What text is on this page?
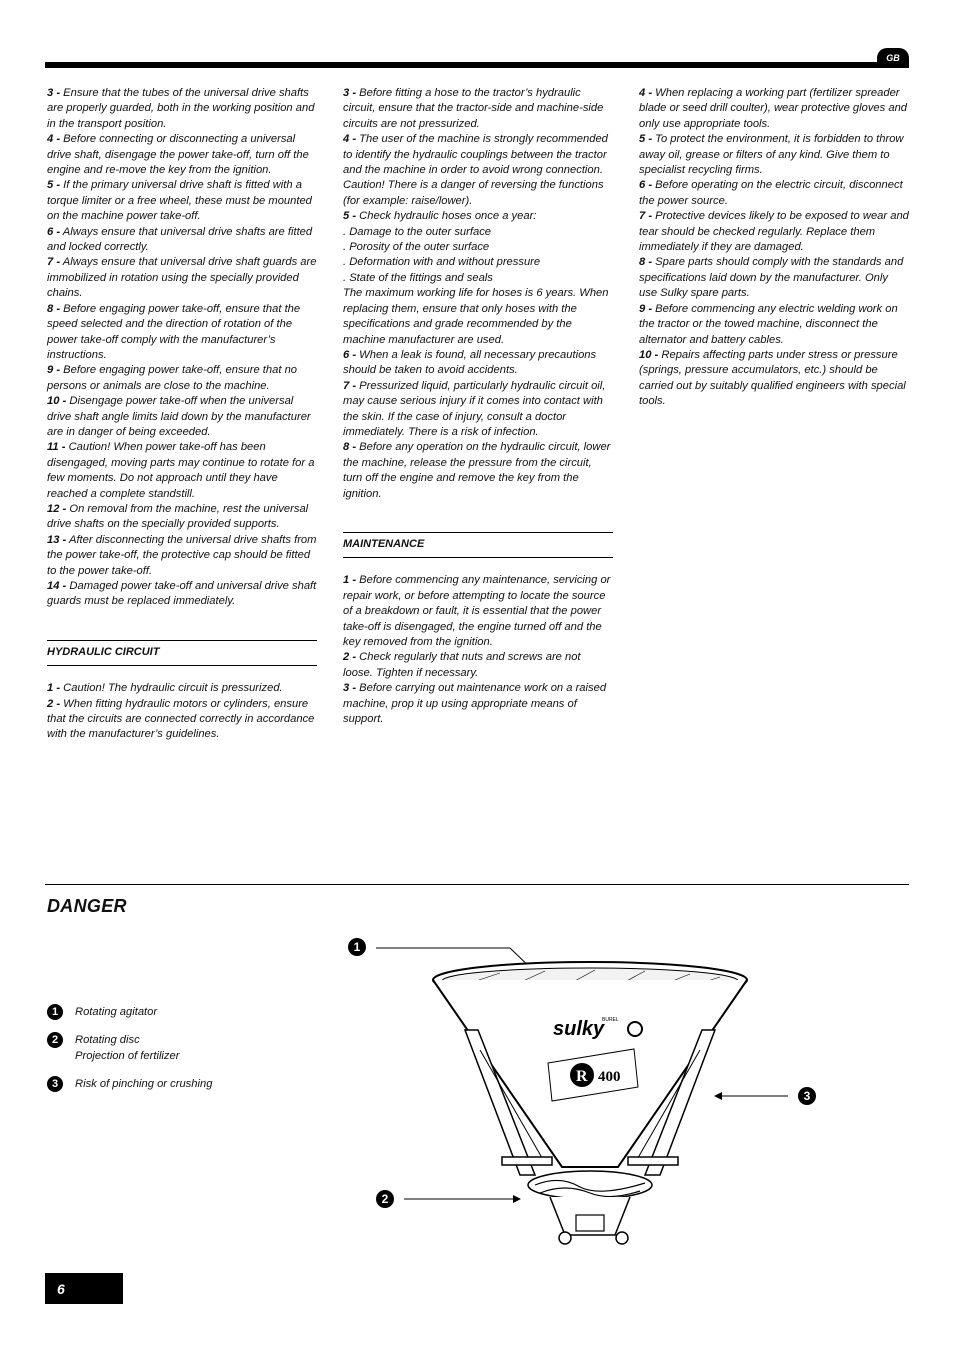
GB

3 - Ensure that the tubes of the universal drive shafts are properly guarded, both in the working position and in the transport position.

4 - Before connecting or disconnecting a universal drive shaft, disengage the power take-off, turn off the engine and re-move the key from the ignition.

5 - If the primary universal drive shaft is fitted with a torque limiter or a free wheel, these must be mounted on the machine power take-off.

6 - Always ensure that universal drive shafts are fitted and locked correctly.

7 - Always ensure that universal drive shaft guards are immobilized in rotation using the specially provided chains.

8 - Before engaging power take-off, ensure that the speed selected and the direction of rotation of the power take-off comply with the manufacturer’s instructions.

9 - Before engaging power take-off, ensure that no persons or animals are close to the machine.

10 - Disengage power take-off when the universal drive shaft angle limits laid down by the manufacturer are in danger of being exceeded.

11 - Caution! When power take-off has been disengaged, moving parts may continue to rotate for a few moments. Do not approach until they have reached a complete standstill.

12 - On removal from the machine, rest the universal drive shafts on the specially provided supports.

13 - After disconnecting the universal drive shafts from the power take-off, the protective cap should be fitted to the power take-off.

14 - Damaged power take-off and universal drive shaft guards must be replaced immediately.

HYDRAULIC CIRCUIT

1 - Caution! The hydraulic circuit is pressurized.

2 - When fitting hydraulic motors or cylinders, ensure that the circuits are connected correctly in accordance with the manufacturer’s guidelines.

3 - Before fitting a hose to the tractor’s hydraulic circuit, ensure that the tractor-side and machine-side circuits are not pressurized.

4 - The user of the machine is strongly recommended to identify the hydraulic couplings between the tractor and the machine in order to avoid wrong connection. Caution! There is a danger of reversing the functions (for example: raise/lower).

5 - Check hydraulic hoses once a year:

. Damage to the outer surface

. Porosity of the outer surface

. Deformation with and without pressure

. State of the fittings and seals

The maximum working life for hoses is 6 years. When replacing them, ensure that only hoses with the specifications and grade recommended by the machine manufacturer are used.

6 - When a leak is found, all necessary precautions should be taken to avoid accidents.

7 - Pressurized liquid, particularly hydraulic circuit oil, may cause serious injury if it comes into contact with the skin. If the case of injury, consult a doctor immediately. There is a risk of infection.

8 - Before any operation on the hydraulic circuit, lower the machine, release the pressure from the circuit, turn off the engine and remove the key from the ignition.

MAINTENANCE

1 - Before commencing any maintenance, servicing or repair work, or before attempting to locate the source of a breakdown or fault, it is essential that the power take-off is disengaged, the engine turned off and the key removed from the ignition.

2 - Check regularly that nuts and screws are not loose. Tighten if necessary.

3 - Before carrying out maintenance work on a raised machine, prop it up using appropriate means of support.

4 - When replacing a working part (fertilizer spreader blade or seed drill coulter), wear protective gloves and only use appropriate tools.

5 - To protect the environment, it is forbidden to throw away oil, grease or filters of any kind. Give them to specialist recycling firms.

6 - Before operating on the electric circuit, disconnect the power source.

7 - Protective devices likely to be exposed to wear and tear should be checked regularly. Replace them immediately if they are damaged.

8 - Spare parts should comply with the standards and specifications laid down by the manufacturer. Only use Sulky spare parts.

9 - Before commencing any electric welding work on the tractor or the towed machine, disconnect the alternator and battery cables.

10 - Repairs affecting parts under stress or pressure (springs, pressure accumulators, etc.) should be carried out by suitably qualified engineers with special tools.

DANGER
1	Rotating agitator
2	Rotating disc
Projection of fertilizer
3	Risk of pinching or crushing
1
3
2
sulky
BUREL
R 400
6
